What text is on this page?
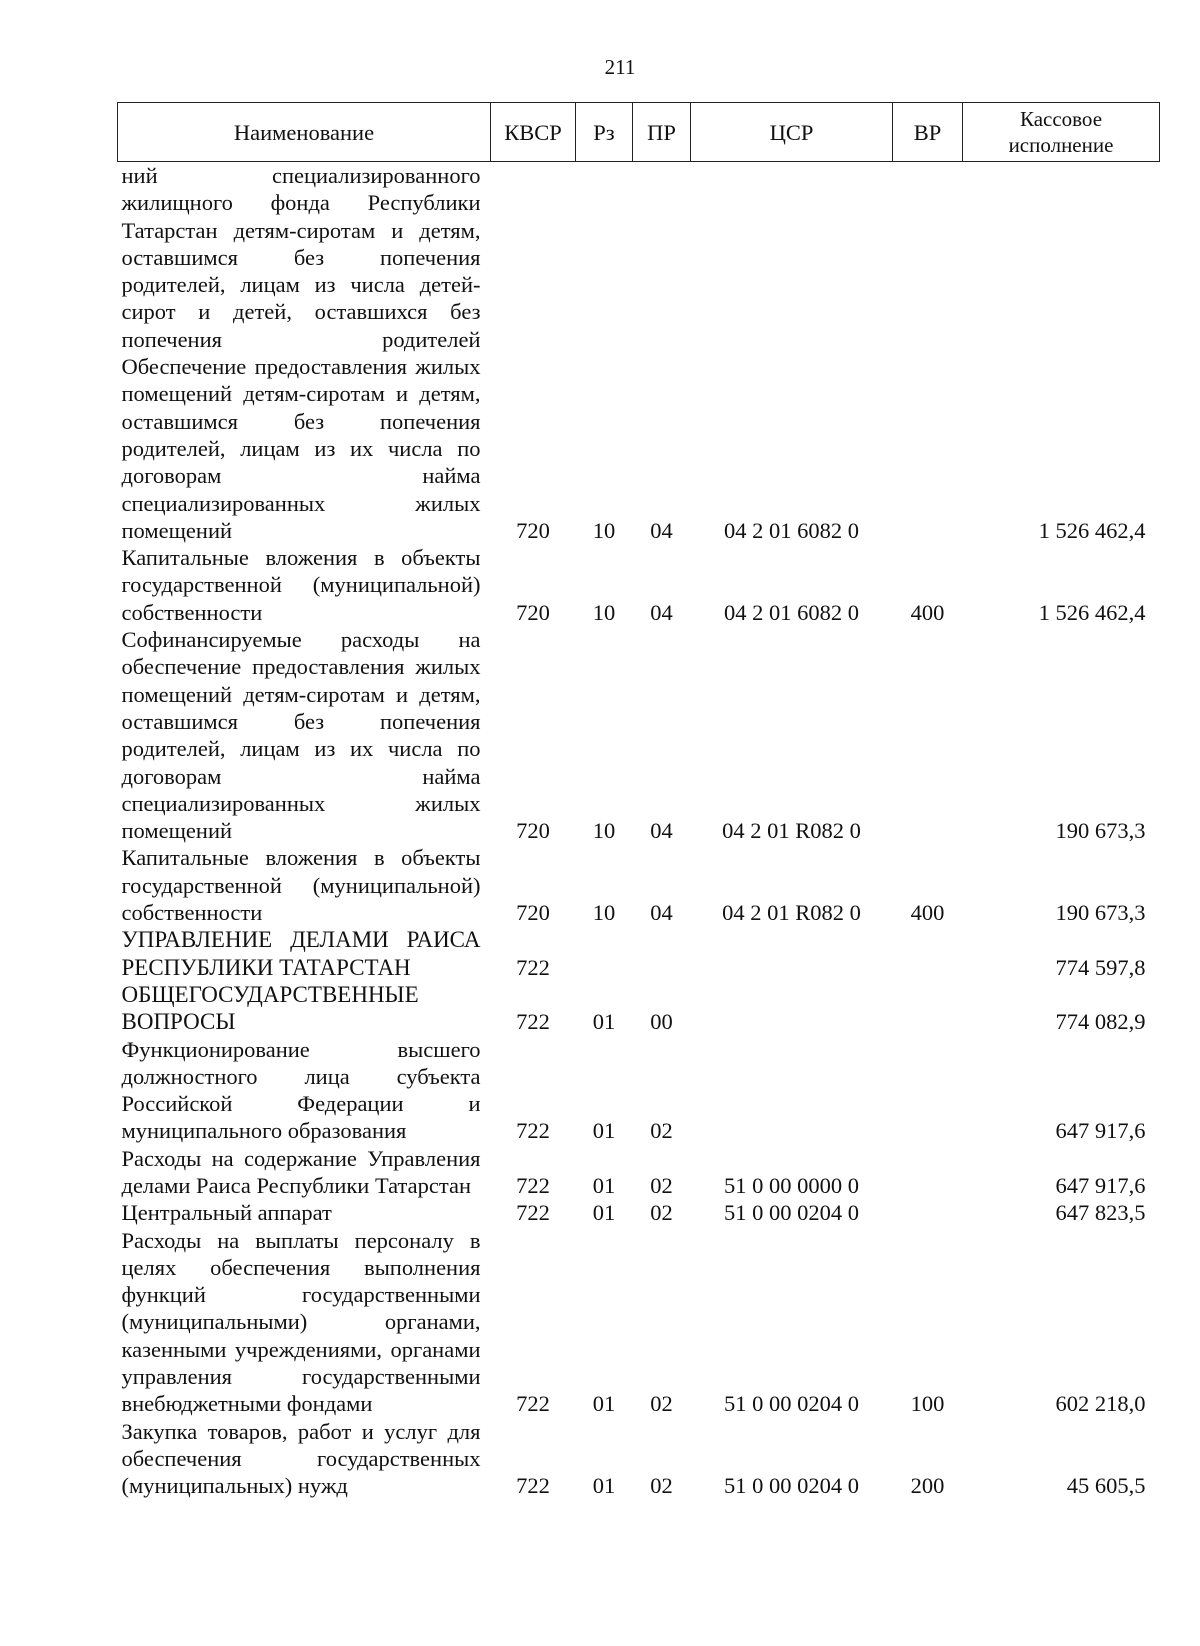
211
Наименование	КВСР	Рз	ПР	ЦСР	ВР	Кассовое исполнение
ний специализированного жилищного фонда Республики Татарстан детям-сиротам и детям, оставшимся без попечения родителей, лицам из числа детей-сирот и детей, оставшихся без попечения родителей						
Обеспечение предоставления жилых помещений детям-сиротам и детям, оставшимся без попечения родителей, лицам из их числа по договорам найма специализированных жилых помещений	720	10	04	04 2 01 6082 0		1 526 462,4
Капитальные вложения в объекты государственной (муниципальной) собственности	720	10	04	04 2 01 6082 0	400	1 526 462,4
Софинансируемые расходы на обеспечение предоставления жилых помещений детям-сиротам и детям, оставшимся без попечения родителей, лицам из их числа по договорам найма специализированных жилых помещений	720	10	04	04 2 01 R082 0		190 673,3
Капитальные вложения в объекты государственной (муниципальной) собственности	720	10	04	04 2 01 R082 0	400	190 673,3
УПРАВЛЕНИЕ ДЕЛАМИ РАИСА РЕСПУБЛИКИ ТАТАРСТАН	722					774 597,8
ОБЩЕГОСУДАРСТВЕННЫЕ ВОПРОСЫ	722	01	00			774 082,9
Функционирование высшего должностного лица субъекта Российской Федерации и муниципального образования	722	01	02			647 917,6
Расходы на содержание Управления делами Раиса Республики Татарстан	722	01	02	51 0 00 0000 0		647 917,6
Центральный аппарат	722	01	02	51 0 00 0204 0		647 823,5
Расходы на выплаты персоналу в целях обеспечения выполнения функций государственными (муниципальными) органами, казенными учреждениями, органами управления государственными внебюджетными фондами	722	01	02	51 0 00 0204 0	100	602 218,0
Закупка товаров, работ и услуг для обеспечения государственных (муниципальных) нужд	722	01	02	51 0 00 0204 0	200	45 605,5
